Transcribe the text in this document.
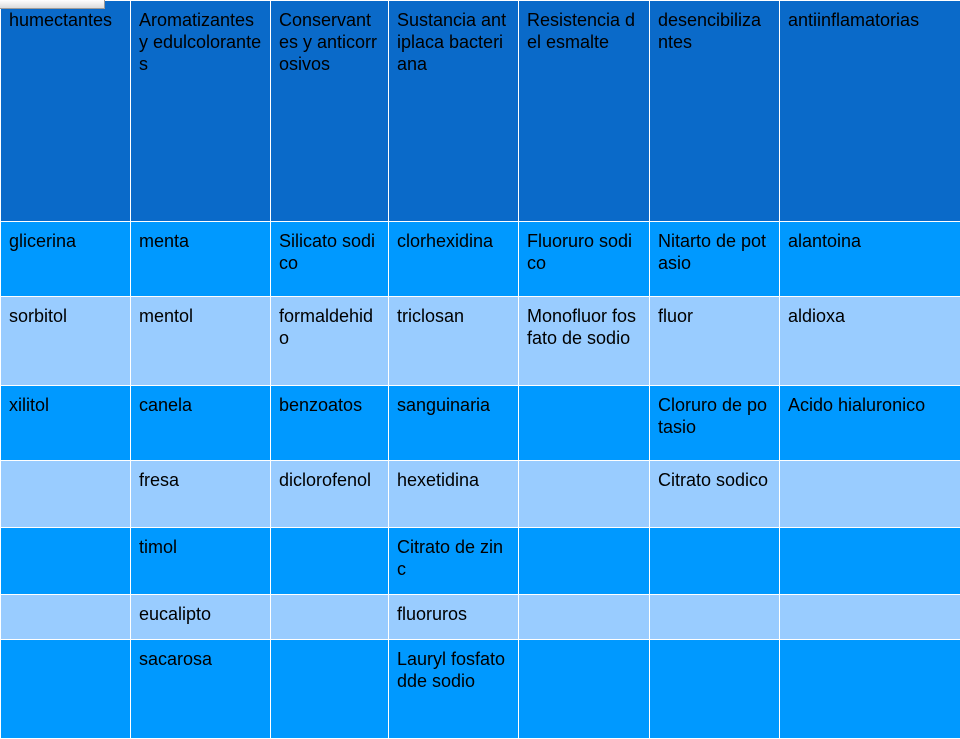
humectantes	Aromatizantes y edulcolorantes	Conservantes y anticorrosivos	Sustancia antiplaca bacteriana	Resistencia del esmalte	desencibilizantes	antiinflamatorias
glicerina	menta	Silicato sodico	clorhexidina	Fluoruro sodico	Nitarto de potasio	alantoina
sorbitol	mentol	formaldehido	triclosan	Monofluor fosfato de sodio	fluor	aldioxa
xilitol	canela	benzoatos	sanguinaria		Cloruro de potasio	Acido hialuronico
	fresa	diclorofenol	hexetidina		Citrato sodico	
	timol		Citrato de zinc			
	eucalipto		fluoruros			
	sacarosa		Lauryl fosfato dde sodio			
